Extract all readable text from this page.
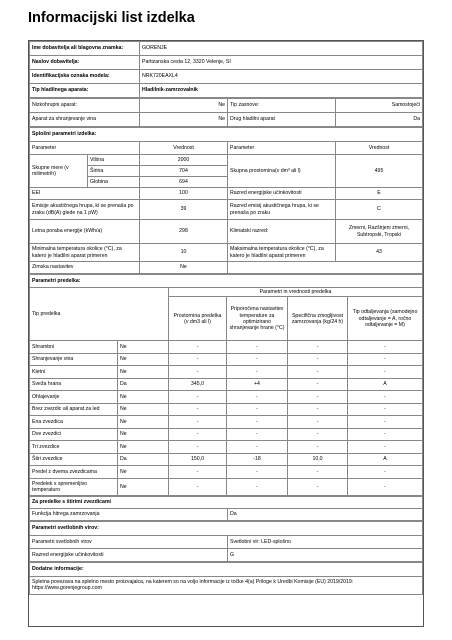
Informacijski list izdelka
Ime dobavitelja ali blagovna znamka:	GORENJE
Naslov dobavitelja:	Partizanska cesta 12, 3320 Velenje, SI
Identifikacijska oznaka modela:	NRK720EAXL4
Tip hladilnega aparata:	Hladilnik-zamrzovalnik
Nizkohrupni aparat:	Ne	Tip zasnove:	Samostoječi
Aparat za shranjevanje vina	Ne	Drug hladilni aparat	Da
Splošni parametri izdelka:				
Parameter		Vrednost	Parameter	Vrednost
Skupne mere (v milimetrih)	Višina	2000	Skupna prostornina(v dm³ ali l)	495
	Širina	704		
	Globina	694		
EEI		100	Razred energijske učinkovitosti	E
Emisije akustičnega hrupa, ki se prenaša po zraku (dB(A) glede na 1 pW)		39	Razred emisij akustičnega hrupa, ki se prenaša po zraku	C
Letna poraba energije (kWh/a)		298	Klimatski razred:	Zmerni, Razširjeni zmerni, Subtropski, Tropski
Minimalna temperatura okolice (°C), za katero je hladilni aparat primeren		10	Maksimalna temperatura okolice (°C), za katero je hladilni aparat primeren	43
Zimska nastavitev		Ne		
Parametri predelka:					
Tip predelka		Parametri in vrednosti predelka			
		Prostornina predelka (v dm3 ali l)	Priporočena nastavitev temperature za optimizirano shranjevanje hrane (°C)	Specifična zmogljivost zamrzovanja (kg/24 h)	Tip odtaljevanja (samodejno odtaljevanje = A, ročno odtaljevanje = M)
Shrambni	Ne	-	-	-	-
Shranjevanje vina	Ne	-	-	-	-
Kletni	Ne	-	-	-	-
Sveža hrana	Da	345,0	+4	-	A
Ohlajevanje	Ne	-	-	-	-
Brez zvezdic ali aparat za led	Ne	-	-	-	-
Ena zvezdica	Ne	-	-	-	-
Dve zvezdici	Ne	-	-	-	-
Tri zvezdice	Ne	-	-	-	-
Štiri zvezdice	Da	150,0	-18	10,0	A
Predel z dvema zvezdicama	Ne	-	-	-	-
Predelek s spremenljivo temperaturo	Ne	-	-	-	-
Za predelke s štirimi zvezdicami
Funkcija hitrega zamrzovanja	Da
Parametri svetlobnih virov:	
Parametri svetlobnih virov	Svetlobni vir: LED-splošno
Razred energijske učinkovitosti	G
Dodatne informacije:
Spletna povezava na spletno mesto proizvajalca, na katerem so na voljo informacije iz točke 4(a) Priloge k Uredbi Komisije (EU) 2019/2019: https://www.gorenjegroup.com
